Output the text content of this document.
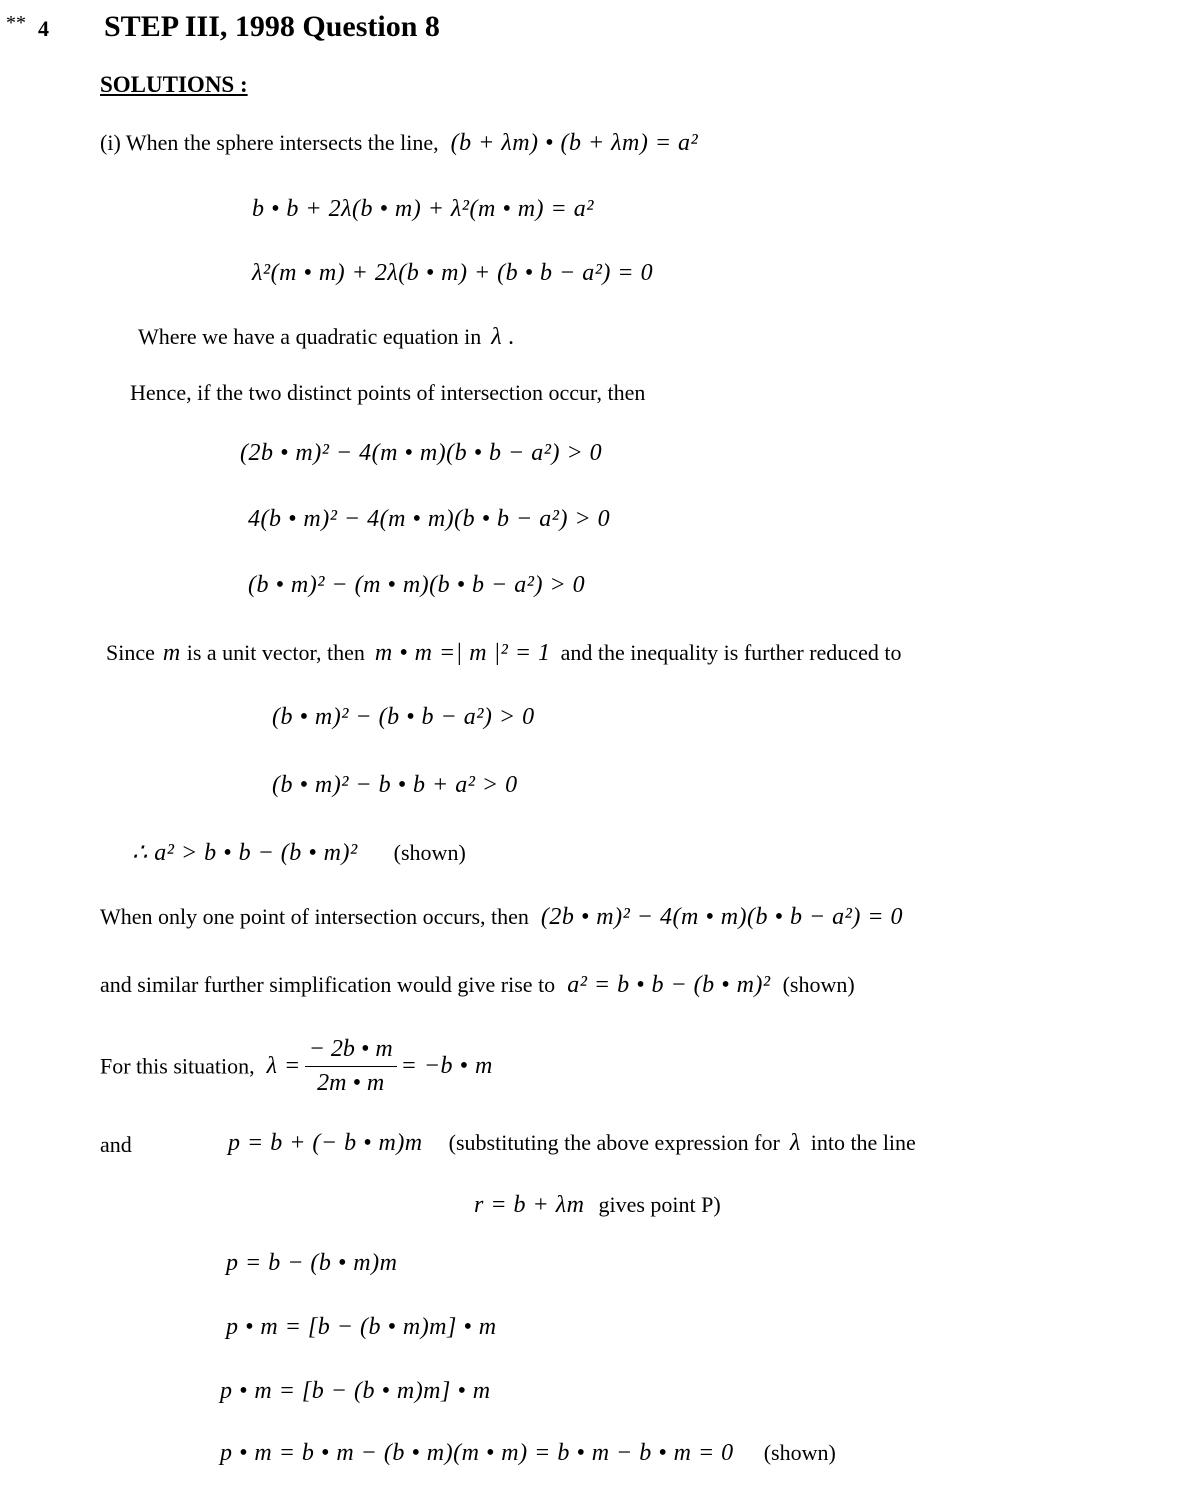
** 4 STEP III, 1998 Question 8
SOLUTIONS :
(i) When the sphere intersects the line, (b + λm) • (b + λm) = a²
b • b + 2λ(b • m) + λ²(m • m) = a²
λ²(m • m) + 2λ(b • m) + (b • b − a²) = 0
Where we have a quadratic equation in λ .
Hence, if the two distinct points of intersection occur, then
(2b • m)² − 4(m • m)(b • b − a²) > 0
4(b • m)² − 4(m • m)(b • b − a²) > 0
(b • m)² − (m • m)(b • b − a²) > 0
Since m is a unit vector, then m • m =| m |² = 1 and the inequality is further reduced to
(b • m)² − (b • b − a²) > 0
(b • m)² − b • b + a² > 0
∴ a² > b • b − (b • m)² (shown)
When only one point of intersection occurs, then (2b • m)² − 4(m • m)(b • b − a²) = 0
and similar further simplification would give rise to a² = b • b − (b • m)² (shown)
For this situation, $\lambda = \frac{- 2b • m}{2m • m} = -b$ • m
and	p = b + (− b • m)m (substituting the above expression for λ into the line
r = b + λm gives point P)
p = b − (b • m)m
p • m = [b − (b • m)m] • m
p • m = [b − (b • m)m] • m
p • m = b • m − (b • m)(m • m) = b • m − b • m = 0 (shown)
